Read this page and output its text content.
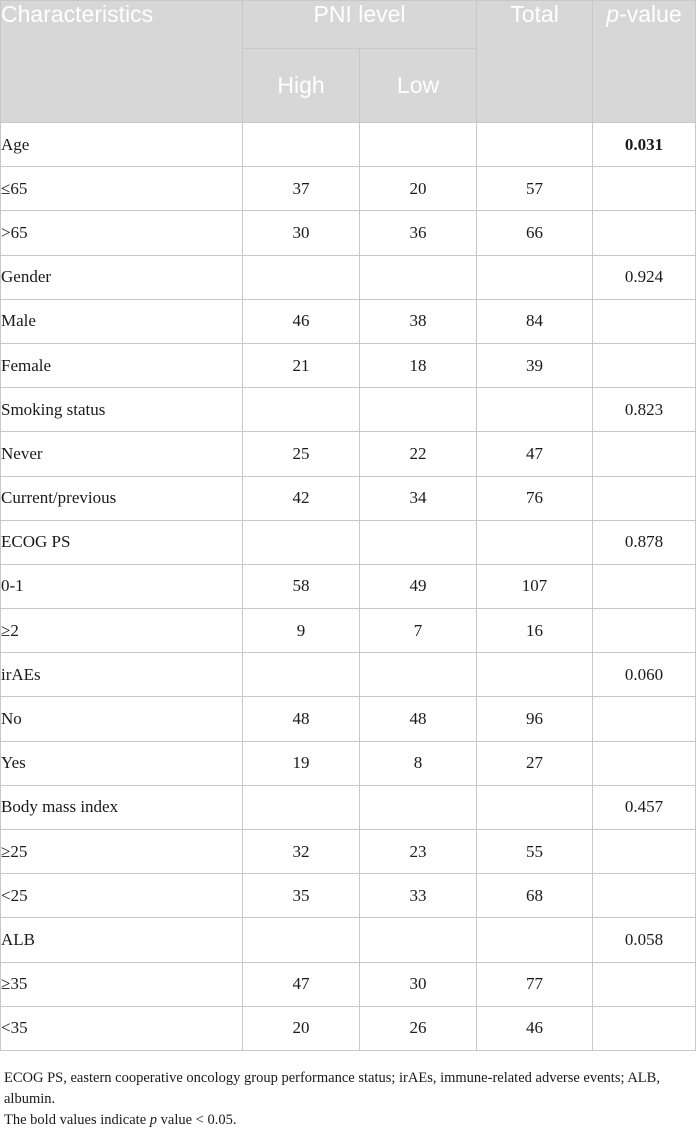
Characteristics	PNI level		Total	p-value
	High	Low		
Age				0.031
≤65	37	20	57	
>65	30	36	66	
Gender				0.924
Male	46	38	84	
Female	21	18	39	
Smoking status				0.823
Never	25	22	47	
Current/previous	42	34	76	
ECOG PS				0.878
0-1	58	49	107	
≥2	9	7	16	
irAEs				0.060
No	48	48	96	
Yes	19	8	27	
Body mass index				0.457
≥25	32	23	55	
<25	35	33	68	
ALB				0.058
≥35	47	30	77	
<35	20	26	46	

ECOG PS, eastern cooperative oncology group performance status; irAEs, immune-related adverse events; ALB, albumin.

The bold values indicate p value < 0.05.
